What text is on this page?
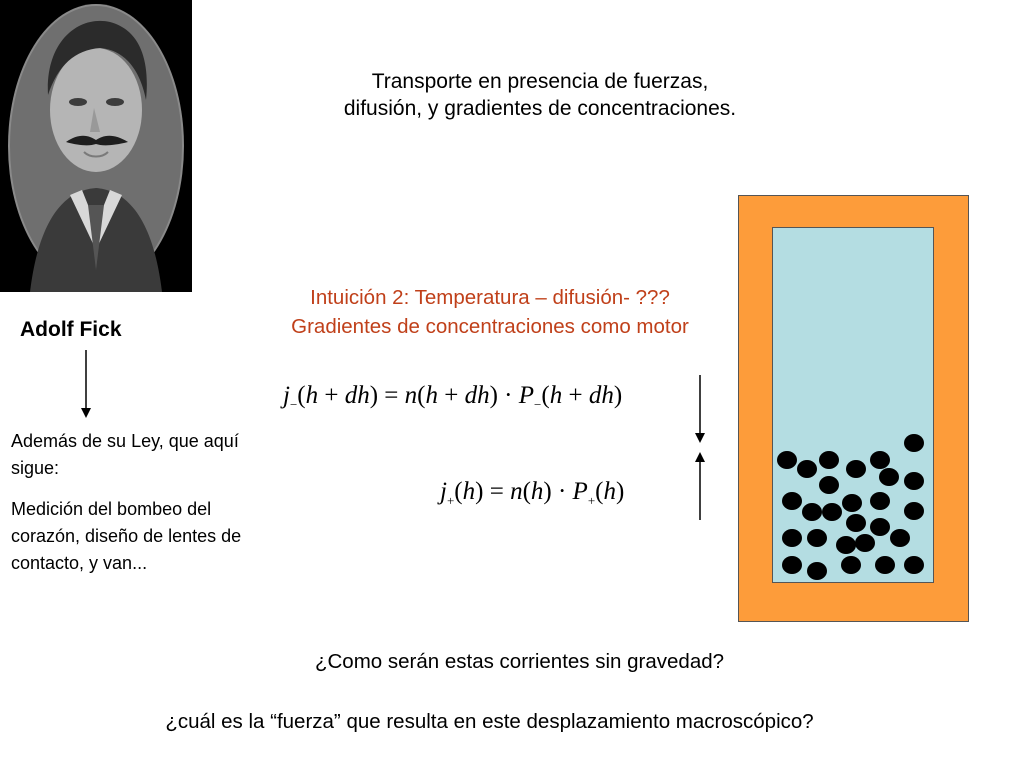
Transporte en presencia de fuerzas,
difusión, y gradientes de concentraciones.
Adolf Fick

Además de su Ley, que aquí sigue:

Medición del bombeo del corazón, diseño de lentes de contacto, y van...

Intuición 2: Temperatura – difusión- ???
Gradientes de concentraciones como motor
$j_-(h + dh) = n(h + dh) \cdot P_-(h + dh)$
$j_+(h) = n(h) \cdot P_+(h)$
¿Como serán estas corrientes sin gravedad?
¿cuál es la “fuerza” que resulta en este desplazamiento macroscópico?
